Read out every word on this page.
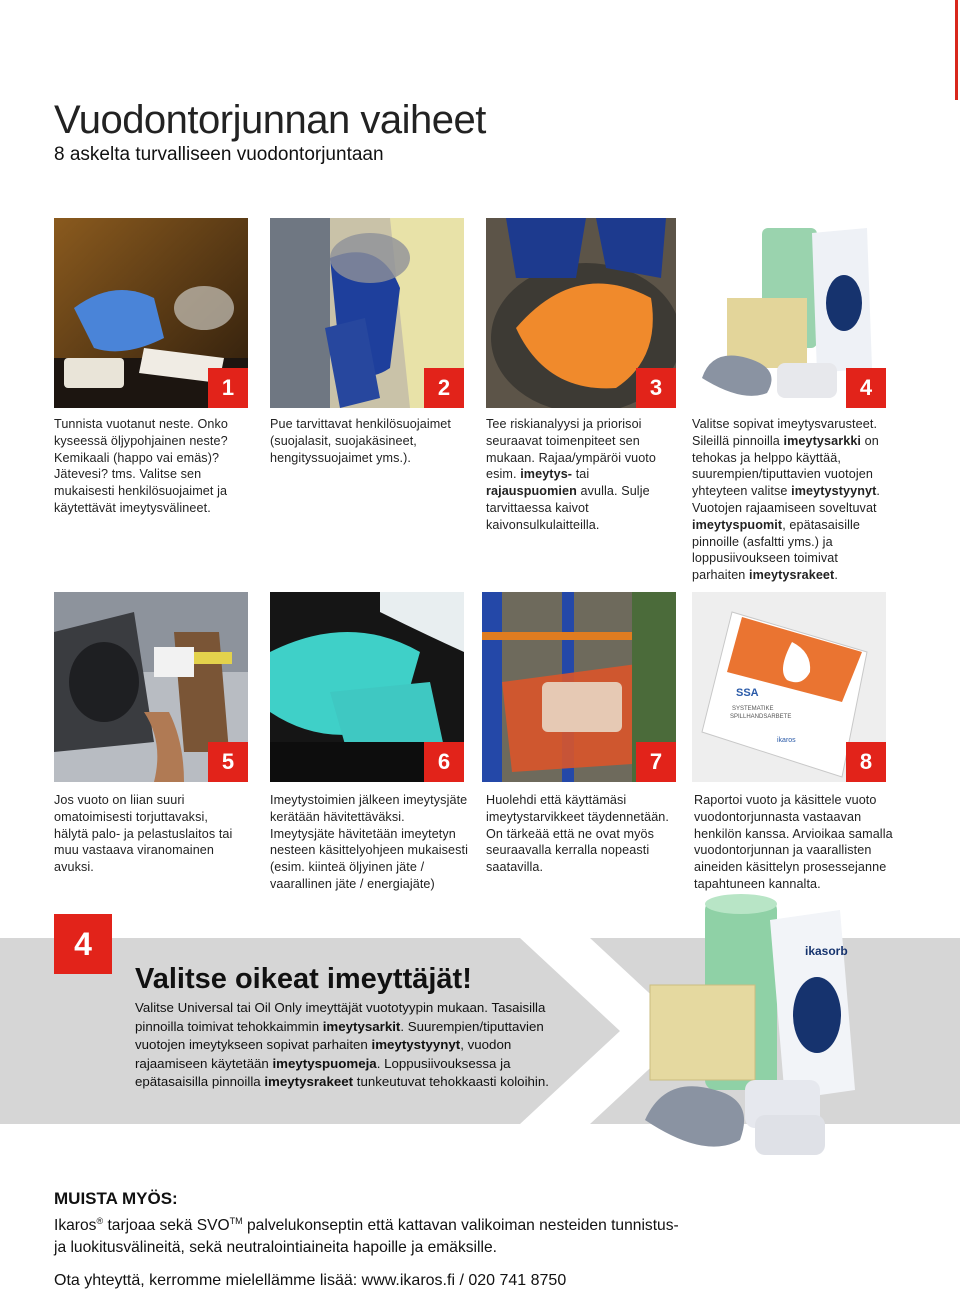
Vuodontorjunnan vaiheet
8 askelta turvalliseen vuodontorjuntaan
1	2	3	4
Tunnista vuotanut neste. Onko kyseessä öljypohjainen neste? Kemikaali (happo vai emäs)? Jätevesi? tms. Valitse sen mukaisesti henkilösuojaimet ja käytettävät imeytysvälineet.
Pue tarvittavat henkilösuojaimet (suojalasit, suojakäsineet, hengityssuojaimet yms.).
Tee riskianalyysi ja priorisoi seuraavat toimenpiteet sen mukaan. Rajaa/ympäröi vuoto esim. imeytys- tai rajauspuomien avulla. Sulje tarvittaessa kaivot kaivonsulkulaitteilla.
Valitse sopivat imeytysvarusteet. Sileillä pinnoilla imeytysarkki on tehokas ja helppo käyttää, suurempien/tiputtavien vuotojen yhteyteen valitse imeytystyynyt. Vuotojen rajaamiseen soveltuvat imeytyspuomit, epätasaisille pinnoille (asfaltti yms.) ja loppusiivoukseen toimivat parhaiten imeytysrakeet.
SSA
SYSTEMATIKE
SPILLHANDSARBETE
ikaros
5	6	7	8
Jos vuoto on liian suuri omatoimisesti torjuttavaksi, hälytä palo- ja pelastuslaitos tai muu vastaava viranomainen avuksi.
Imeytystoimien jälkeen imeytysjäte kerätään hävitettäväksi. Imeytysjäte hävitetään imeytetyn nesteen käsittelyohjeen mukaisesti (esim. kiinteä öljyinen jäte / vaarallinen jäte / energiajäte)
Huolehdi että käyttämäsi imeytystarvikkeet täydennetään. On tärkeää että ne ovat myös seuraavalla kerralla nopeasti saatavilla.
Raportoi vuoto ja käsittele vuoto vuodontorjunnasta vastaavan henkilön kanssa. Arvioikaa samalla vuodontorjunnan ja vaarallisten aineiden käsittelyn prosessejanne tapahtuneen kannalta.
ikasorb
4
Valitse oikeat imeyttäjät!
Valitse Universal tai Oil Only imeyttäjät vuototyypin mukaan. Tasaisilla pinnoilla toimivat tehokkaimmin imeytysarkit. Suurempien/tiputtavien vuotojen imeytykseen sopivat parhaiten imeytystyynyt, vuodon rajaamiseen käytetään imeytyspuomeja. Loppusiivouksessa ja epätasaisilla pinnoilla imeytysrakeet tunkeutuvat tehokkaasti koloihin.
MUISTA MYÖS:
Ikaros® tarjoaa sekä SVO™ palvelukonseptin että kattavan valikoiman nesteiden tunnistus- ja luokitusvälineitä, sekä neutralointiaineita hapoille ja emäksille.
Ota yhteyttä, kerromme mielellämme lisää: www.ikaros.fi / 020 741 8750
